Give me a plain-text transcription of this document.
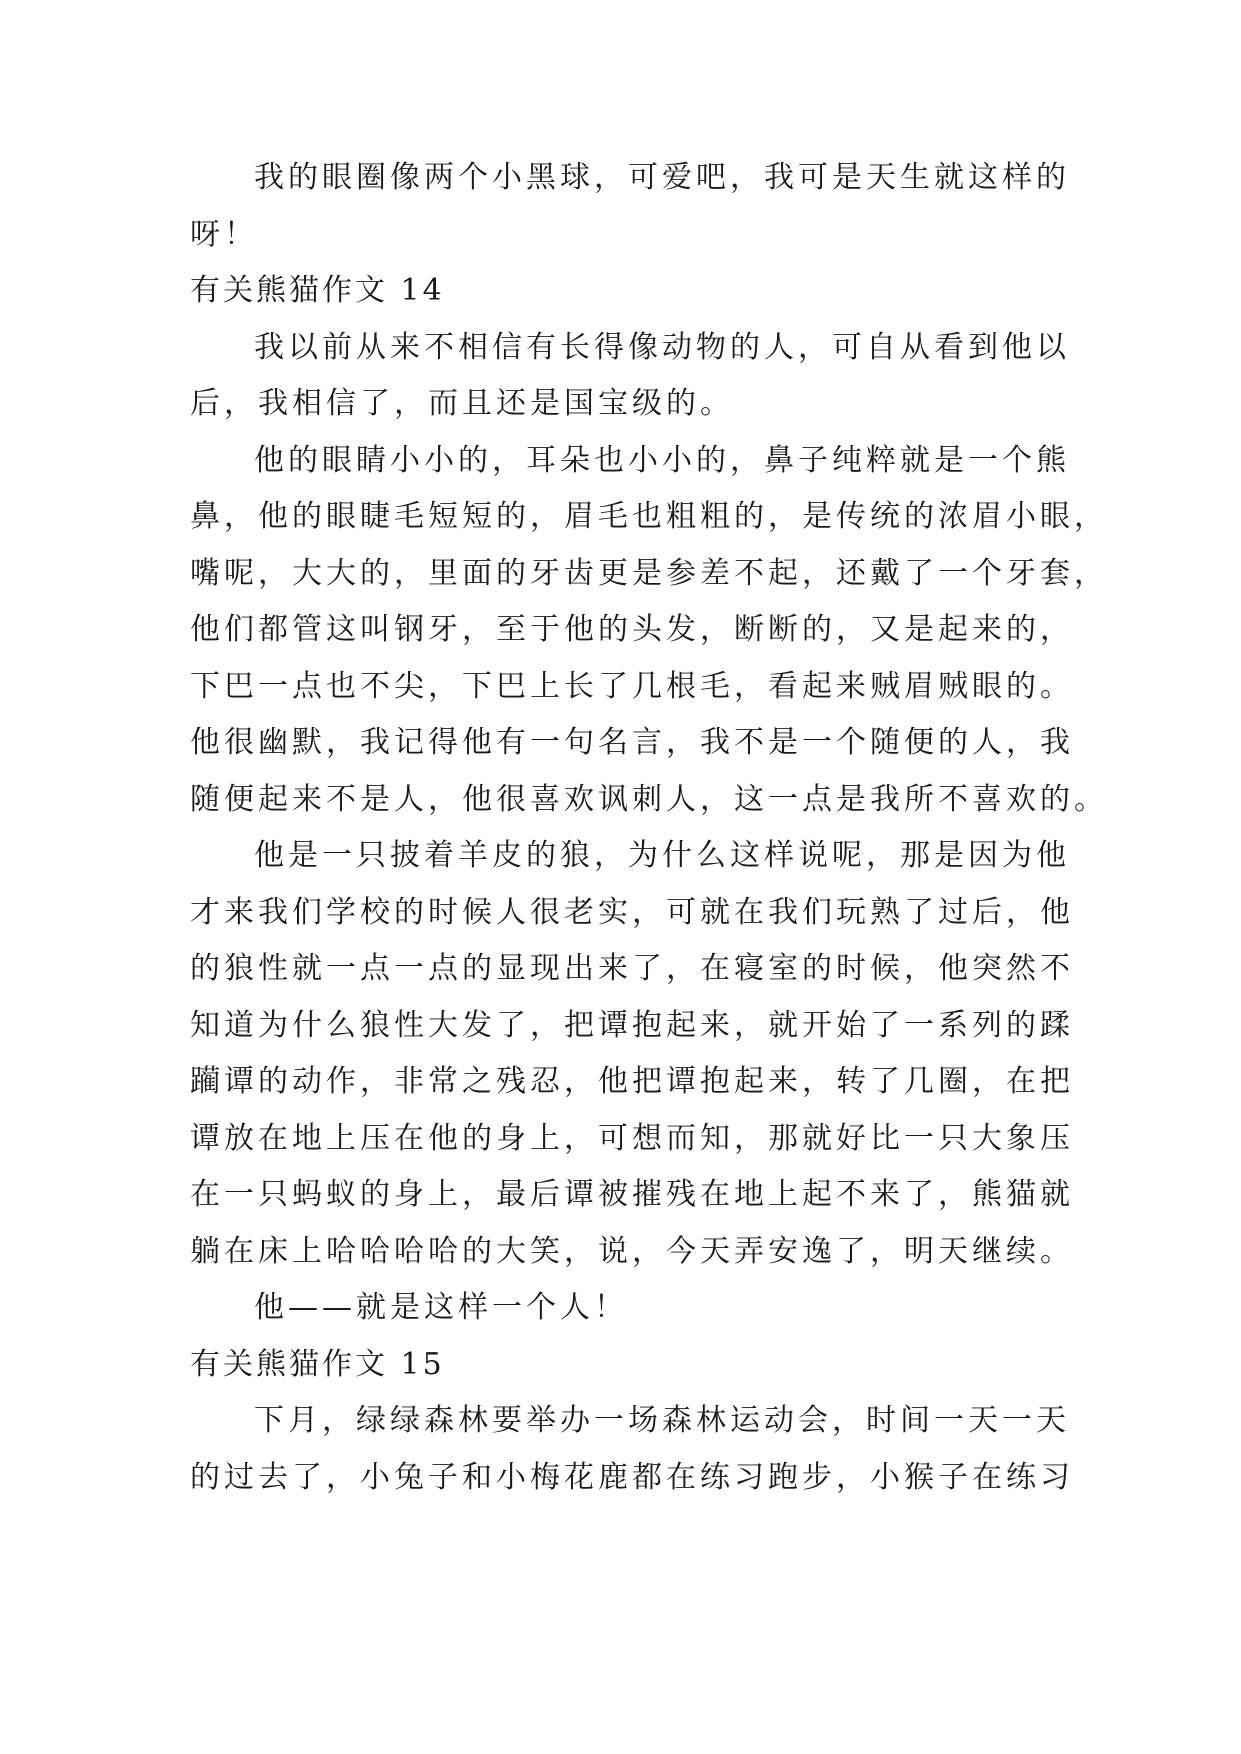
我的眼圈像两个小黑球，可爱吧，我可是天生就这样的
呀！
有关熊猫作文 14
我以前从来不相信有长得像动物的人，可自从看到他以
后，我相信了，而且还是国宝级的。
他的眼睛小小的，耳朵也小小的，鼻子纯粹就是一个熊
鼻，他的眼睫毛短短的，眉毛也粗粗的，是传统的浓眉小眼，
嘴呢，大大的，里面的牙齿更是参差不起，还戴了一个牙套，
他们都管这叫钢牙，至于他的头发，断断的，又是起来的，
下巴一点也不尖，下巴上长了几根毛，看起来贼眉贼眼的。
他很幽默，我记得他有一句名言，我不是一个随便的人，我
随便起来不是人，他很喜欢讽刺人，这一点是我所不喜欢的。
他是一只披着羊皮的狼，为什么这样说呢，那是因为他
才来我们学校的时候人很老实，可就在我们玩熟了过后，他
的狼性就一点一点的显现出来了，在寝室的时候，他突然不
知道为什么狼性大发了，把谭抱起来，就开始了一系列的蹂
躏谭的动作，非常之残忍，他把谭抱起来，转了几圈，在把
谭放在地上压在他的身上，可想而知，那就好比一只大象压
在一只蚂蚁的身上，最后谭被摧残在地上起不来了，熊猫就
躺在床上哈哈哈哈的大笑，说，今天弄安逸了，明天继续。
他——就是这样一个人！
有关熊猫作文 15
下月，绿绿森林要举办一场森林运动会，时间一天一天
的过去了，小兔子和小梅花鹿都在练习跑步，小猴子在练习
